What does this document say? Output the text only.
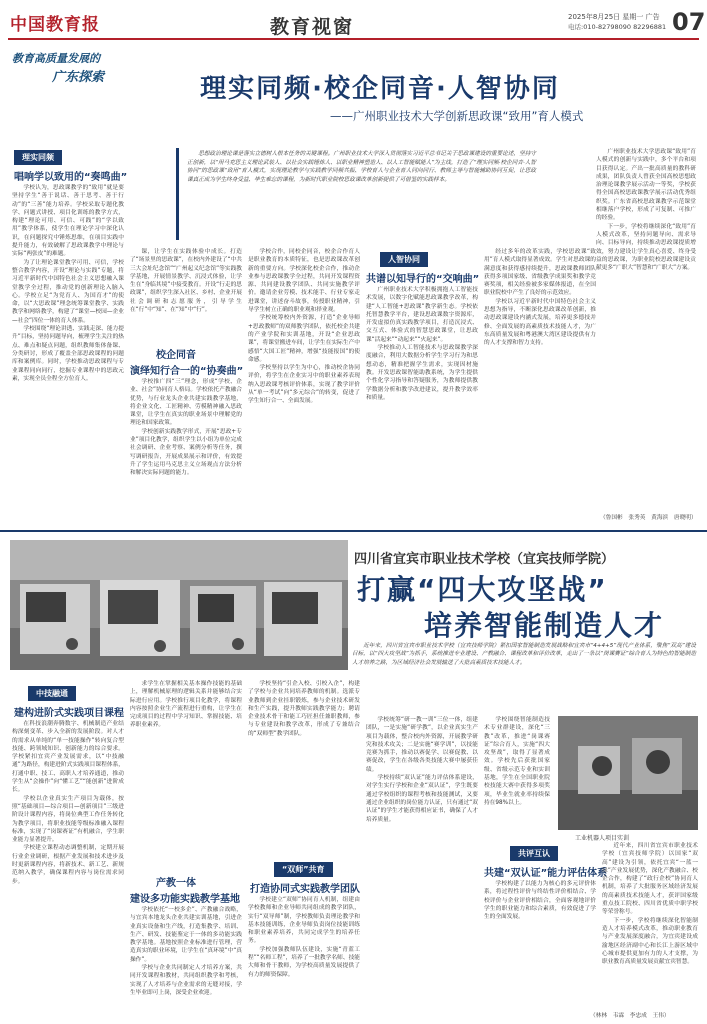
中国教育报	教育视窗	2025年8月25日 星期一 广告
电话:010-82798090 82296881 07
教育高质量发展的
广东探索	理实同频·校企同音·人智协同
——广州职业技术大学创新思政课“致用”育人模式

思想政治理论课是落实立德树人根本任务的关键课程。广州职业技术大学深入贯彻落实习近平总书记关于思政课建设的重要论述，坚持守正创新，以“用马克思主义理论武装人、以社会实践锤炼人、以职业精神塑造人、以人工智能赋能人”为主线，打造了“理实同频·校企同音·人智协同”的思政课“致用”育人模式，实现理论教学与实践教学同频共振、学校育人与企业育人同向同行、教师主导与智能辅助协同互促，让思政课真正成为学生终身受益、毕生难忘的课程，为新时代职业院校思政课改革创新提供了可借鉴的实践样本。

理实同频
唱响学以致用的“奏鸣曲”

学校认为，思政课教学的“致用”就是要坚持学生“善于说话、善于思考、善于行动”的“三善”能力培养。学校采取专题化教学、问题式讲授、项目化训练的教学方式，构建“理论可用、可信、可践”的“学以致用”教学体系，使学生在理论学习中深化认识，在问题探究中锤炼思维，在项目实践中提升能力，有效破解了思政课教学中理论与实际“两张皮”的难题。

为了让理论课堂教学可用、可信，学校整合教学内容，开设“理论与实践”专题，将习近平新时代中国特色社会主义思想融入课堂教学全过程，推动党的创新理论入脑入心。学校立足“为党育人、为国育才”的使命，以“大思政课”理念统筹课堂教学、实践教学和网络教学，构建了“课堂—校园—企业—社会”四位一体的育人体系。

学校围绕“理论讲透、实践走深、能力提升”目标，坚持问题导向，梳理学生关注的热点、难点和疑点问题，组织教师集体备课、分类研讨，形成了覆盖全部思政课程的问题库和案例库。同时，学校推动思政课程与专业课程同向同行，挖掘专业课程中的思政元素，实现全员全程全方位育人。

课，让学生在实践体验中成长。打造了“场景里的思政课”，在校内外建设了“中共三大会址纪念馆”“广州起义纪念馆”等实践教学基地，开展情景教学、沉浸式体验，让学生在“身临其境”中接受教育。开设“行走的思政课”，组织学生深入社区、乡村、企业开展社会调研和志愿服务，引导学生在“行”中“知”、在“知”中“行”。

校企同音
演绎知行合一的“协奏曲”

学校推广四“三”理念，形成“学校、企业、社会”协同育人格局。学校依托产教融合优势，与行业龙头企业共建实践教学基地，将企业文化、工匠精神、劳模精神融入思政课堂，让学生在真实的职业场景中理解党的理论和国家政策。

学校创新实践教学形式，开展“思政+专业”项目化教学，组织学生以小组为单位完成社会调研、企业考察、案例分析等任务，撰写调研报告，开展成果展示和评价，有效提升了学生运用马克思主义立场观点方法分析和解决实际问题的能力。

学校合作，同校企同音，校企合作育人是职业教育的本质特征，也是思政课改革创新的重要方向。学校深化校企合作，推动企业参与思政课教学全过程，共同开发课程资源、共同建设教学团队、共同实施教学评价。邀请企业劳模、技术能手、行业专家走进课堂，讲述奋斗故事，传授职业精神，引导学生树立正确的职业观和择业观。

学校统筹校内外资源，打造“企业导师+思政教师”的双师教学团队，依托校企共建的产业学院和实训基地，开设“企业思政课”，将课堂搬进车间，让学生在实际生产中感悟“大国工匠”精神，增强“技能报国”的使命感。

学校坚持以学生为中心，推动校企协同评价，将学生在企业实习中的职业素养表现纳入思政课考核评价体系，实现了教学评价从“单一考试”向“多元综合”的转变，促进了学生知行合一、全面发展。

人智协同
共谱以知导行的“交响曲”

广州职业技术大学积极拥抱人工智能技术发展，以数字化赋能思政课教学改革，构建“人工智能+思政课”教学新生态。学校依托智慧教学平台，建设思政课数字资源库，开发虚拟仿真实践教学项目，打造沉浸式、交互式、体验式的智慧思政课堂，让思政课“活起来”“动起来”“火起来”。

学校推动人工智能技术与思政课教学深度融合，利用大数据分析学生学习行为和思想动态，精准把握学生需求，实现因材施教。开发思政课智能助教系统，为学生提供个性化学习指导和答疑服务，为教师提供教学数据分析和教学改进建议，提升教学效率和质量。

经过多年的改革实践，学校思政课“致用”育人模式取得显著成效。学生对思政课的满意度和获得感持续提升，思政课教师团队获得多项国家级、省级教学成果奖和教学竞赛奖项，相关经验被多家媒体报道，在全国职业院校中产生了良好的示范效应。

学校以习近平新时代中国特色社会主义思想为指导，不断深化思政课改革创新，推动思政课建设内涵式发展，培养更多德技并修、全面发展的高素质技术技能人才，为广东高质量发展和粤港澳大湾区建设提供有力的人才支撑和智力支持。

广州职业技术大学思政课“致用”育人模式的创新与实践中，多个平台和项目获得认定。产出一批高质量的教科研成果，团队负责人曾获全国高校思想政治理论课教学展示活动一等奖，学校获得全国高校思政课教学展示活动优秀组织奖。广东省高校思政课教学示范课堂相继落户学校，形成了可复制、可推广的经验。

下一步，学校将继续深化“致用”育人模式改革，坚持问题导向、需求导向、目标导向，持续推动思政课提质增效，努力建设让学生真心喜爱、终身受益的思政课，为职业院校思政课建设贡献更多“广职大”智慧和“广职大”方案。

（鲁国彬　张秀英　黄海滨　唐晓明）
四川省宜宾市职业技术学校（宜宾技师学院）
打赢“四大攻坚战”
培养智能制造人才

近年来，四川省宜宾市职业技术学校（宜宾技师学院）紧扣国家智能制造发展战略和宜宾市“4+4+5”现代产业体系，聚焦“双高”建设目标，以“四大攻坚战”为抓手，系统推进专业建设、产教融合、课程改革和评价改革，走出了一条以“岗课赛证”综合育人为特色的智能制造人才培养之路，为区域经济社会发展输送了大批高素质技术技能人才。

中技融通
建构进阶式实践项目课程

在科技浪潮奔腾数字、机械制造产业结构深刻变革、步入全新的发展阶段。对人才的需求从单纯的“单一技能操作”转向复合型技能、跨领域知识、创新能力的综合要求。学校紧扣宜宾产业发展需求，以“中技融通”为路径，构建进阶式实践项目课程体系，打通中职、技工、高职人才培养通道，推动学生从“会操作”向“懂工艺”“能创新”进阶成长。

学校以企业真实生产项目为载体，按照“基础项目—综合项目—创新项目”三级进阶设计课程内容，将岗位典型工作任务转化为教学项目，将职业技能等级标准融入课程标准，实现了“岗课赛证”有机融合，学生职业能力显著提升。

学校建立课程动态调整机制，定期开展行业企业调研，根据产业发展和技术进步及时更新课程内容，将新技术、新工艺、新规范纳入教学，确保课程内容与岗位需求同步。

求学生在掌握相关基本操作技能的基础上，理解机械原理的逻辑关系并能够结合实际进行应用。学校推行项目化教学，将课程内容按照企业生产流程进行重构，让学生在完成项目的过程中学习知识、掌握技能、培养职业素养。

产教一体
建设多功能实践教学基地

学校依托“一校多企”、产教融合战略，与宜宾本地龙头企业共建实训基地，引进企业真实设备和生产线，打造集教学、培训、生产、研发、技能鉴定于一体的多功能实践教学基地。基地按照企业标准进行管理，营造真实的职业环境，让学生在“真环境”中“真操作”。

学校与企业共同制定人才培养方案，共同开发课程和教材，共同组织教学和考核，实现了人才培养与企业需求的无缝对接，学生毕业即可上岗，深受企业欢迎。

学校坚持“引企入校、引校入企”，构建了学校与企业共同培养教师的机制。选派专业教师到企业挂职锻炼，参与企业技术研发和生产实践，提升教师实践教学能力；聘请企业技术骨干和能工巧匠担任兼职教师，参与专业建设和教学改革，形成了专兼结合的“双师型”教学团队。

“双师”共育
打造协同式实践教学团队

学校建立“双师”协同育人机制，组建由学校教师和企业导师共同组成的教学团队，实行“双导师”制，学校教师负责理论教学和基本技能训练，企业导师负责岗位技能训练和职业素养培养，共同完成学生的培养任务。

学校加强教师队伍建设，实施“青蓝工程”“名师工程”，培养了一批教学名师、技能大师和骨干教师，为学校高质量发展提供了有力的师资保障。

学校统筹“研一教一训”三位一体，组建团队，一是实施“研学教”，以企业真实生产项目为载体，整合校内外资源，开展教学研究和技术攻关；二是实施“赛学训”，以技能竞赛为抓手，推动以赛促学、以赛促教、以赛促改，学生在各级各类技能大赛中屡获佳绩。

学校持续“双认证”能力评估体系建设，对学生实行学校和企业“双认证”，学生既要通过学校组织的课程考核和技能测试，又要通过企业组织的岗位能力认证，只有通过“双认证”的学生才能获得相应证书，确保了人才培养质量。

学校围绕智能制造技术专业群建设，深化“三教”改革，推进“岗课赛证”综合育人，实施“四大攻坚战”，取得了显著成效。学校先后获批国家级、省级示范专业和实训基地，学生在全国职业院校技能大赛中获得多项奖项，毕业生就业率持续保持在98%以上。

工业机器人项目实训
共评互认
共建“双认证”能力评估体系

学校构建了以能力为核心的多元评价体系，将过程性评价与终结性评价相结合、学校评价与企业评价相结合，全面客观地评价学生的职业能力和综合素质，有效促进了学生的全面发展。

近年来，四川省宜宾市职业技术学校（宜宾技师学院）以国家“双高”建设为引领，依托宜宾“一蓝一绿”产业发展优势，深化产教融合、校企合作，构建了“政行企校”协同育人机制，培养了大批服务区域经济发展的高素质技术技能人才，获评国家级重点技工院校、四川省优质中职学校等荣誉称号。

下一步，学校将继续深化智能制造人才培养模式改革，推动职业教育与产业发展深度融合，为宜宾建设成渝地区经济副中心和长江上游区域中心城市提供更加有力的人才支撑，为职业教育高质量发展贡献宜宾智慧。

（林林　韦霖　李忠成　王伟）
